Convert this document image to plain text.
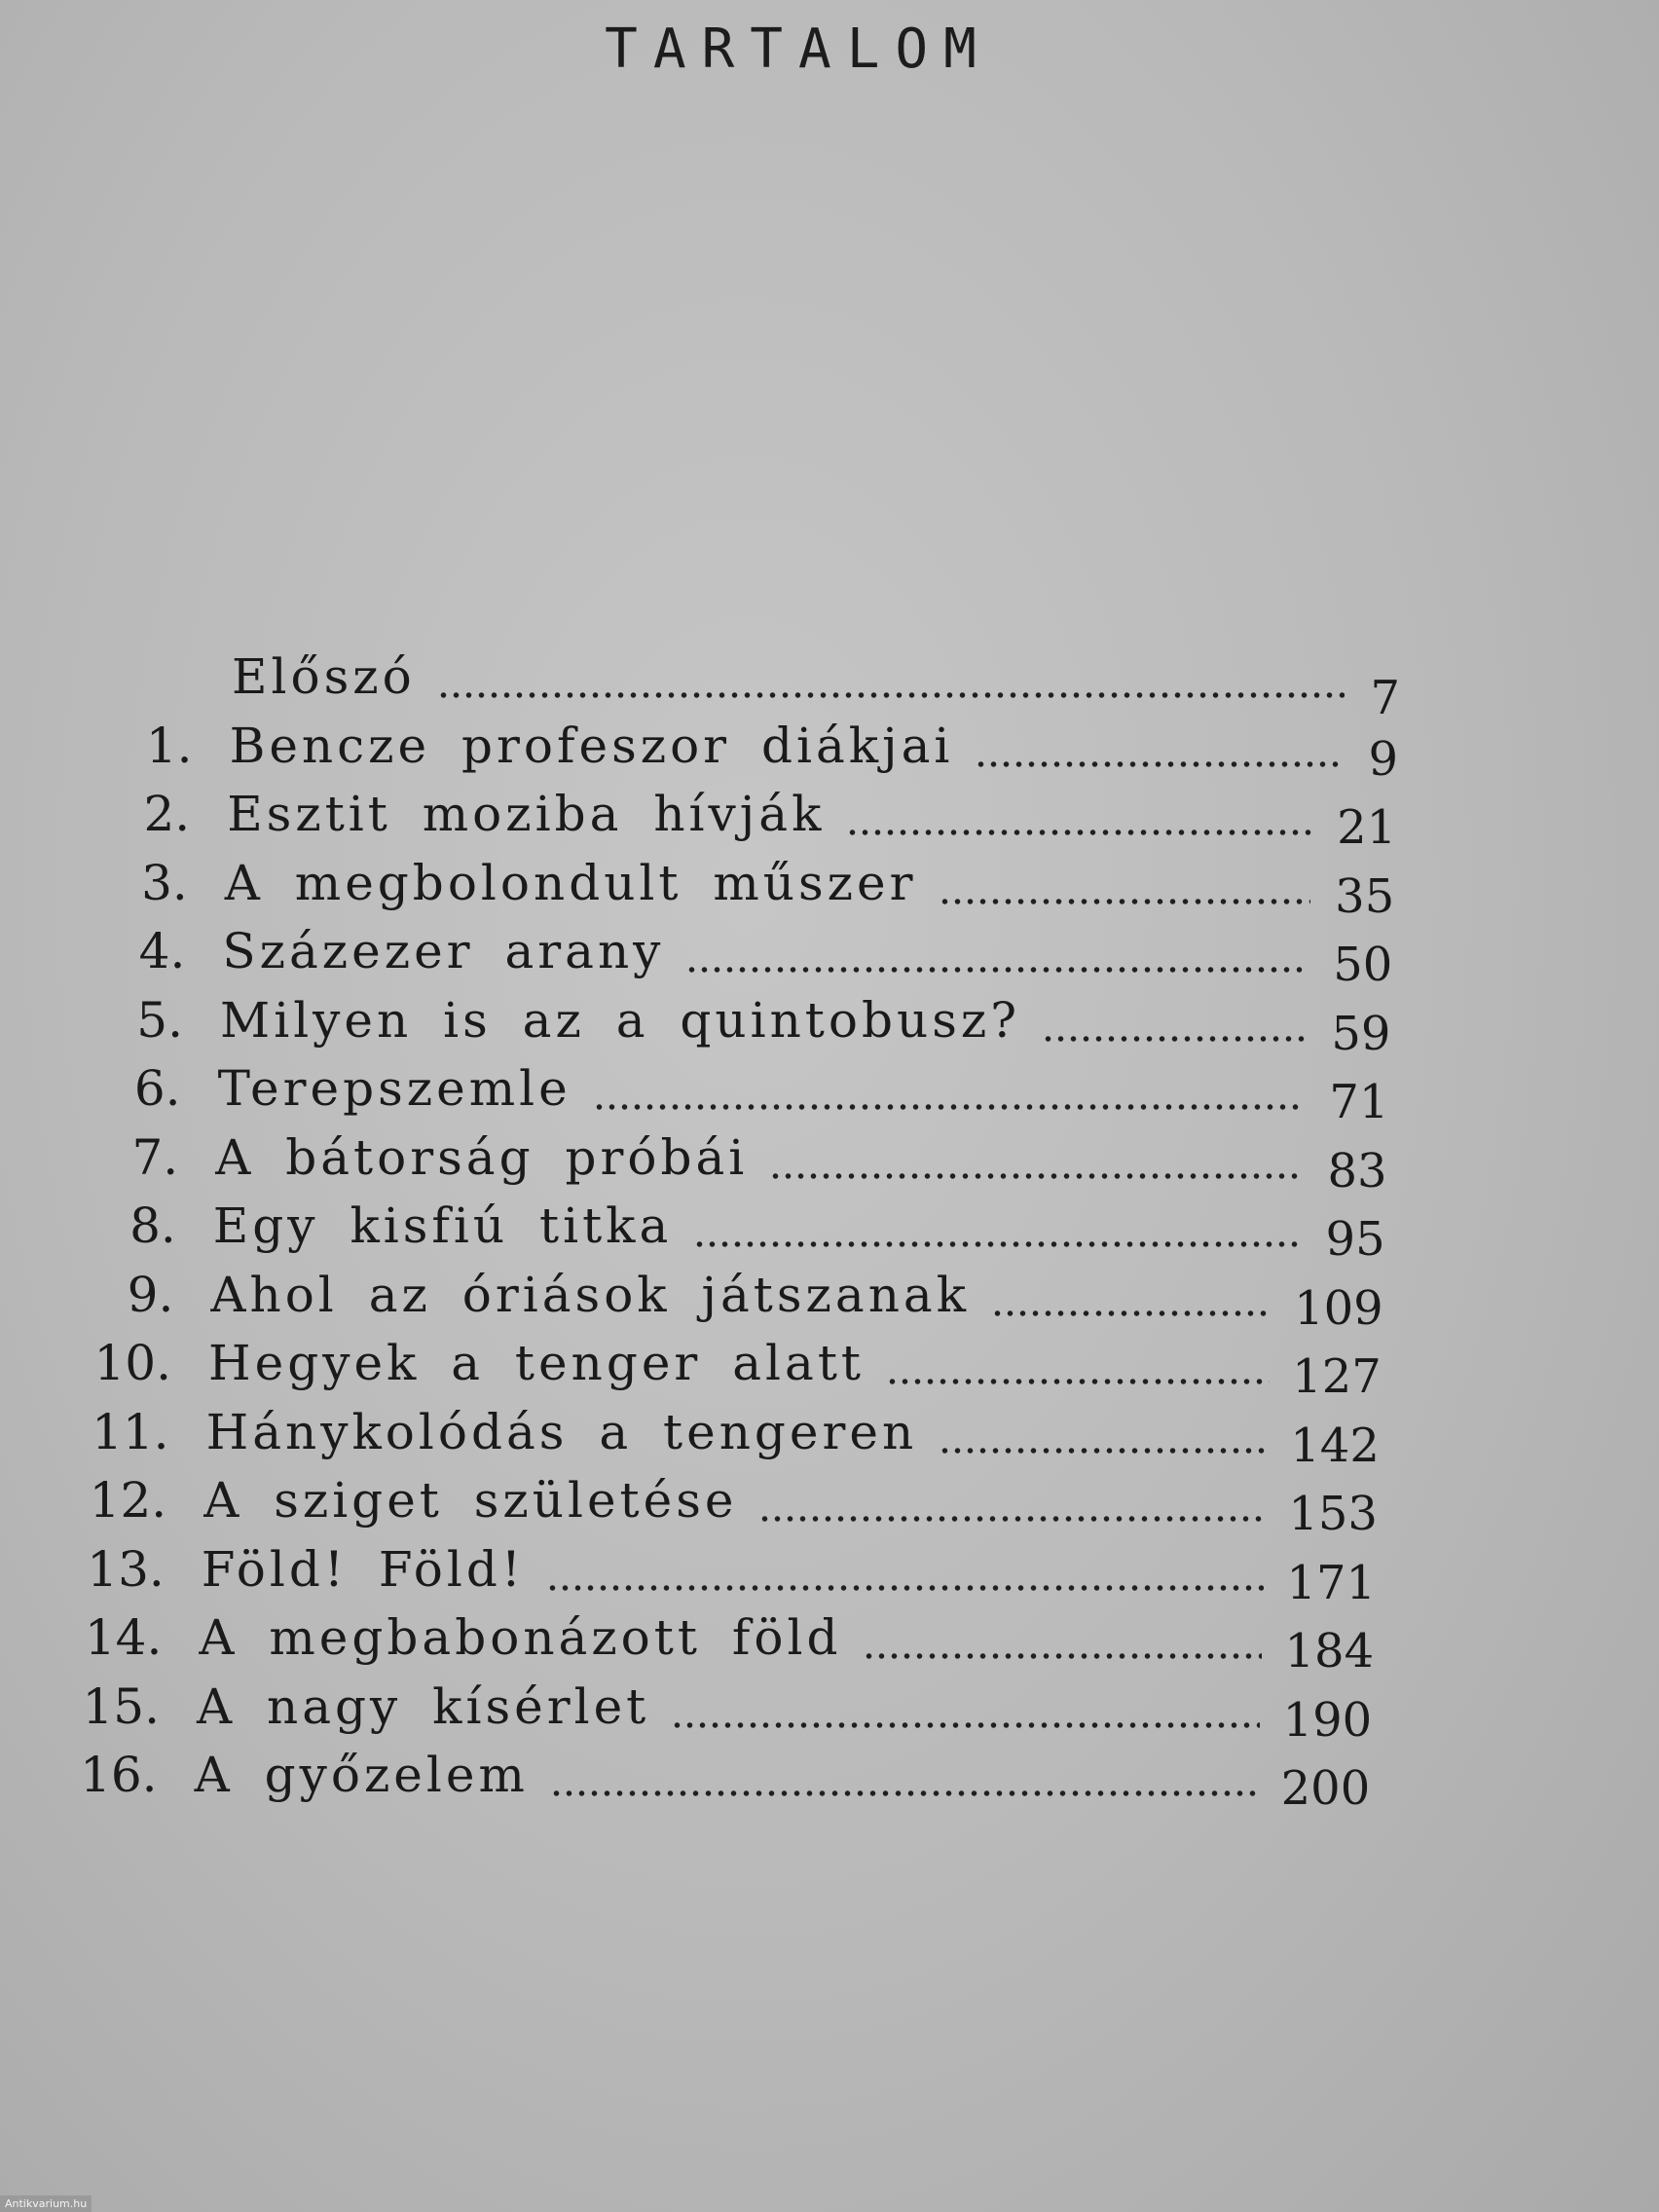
TARTALOM
Előszó	7
1. Bencze profeszor diákjai	9
2. Esztit moziba hívják	21
3. A megbolondult műszer	35
4. Százezer arany	50
5. Milyen is az a quintobusz?	59
6. Terepszemle	71
7. A bátorság próbái	83
8. Egy kisfiú titka	95
9. Ahol az óriások játszanak	109
10. Hegyek a tenger alatt	127
11. Hánykolódás a tengeren	142
12. A sziget születése	153
13. Föld! Föld!	171
14. A megbabonázott föld	184
15. A nagy kísérlet	190
16. A győzelem	200
Antikvarium.hu
